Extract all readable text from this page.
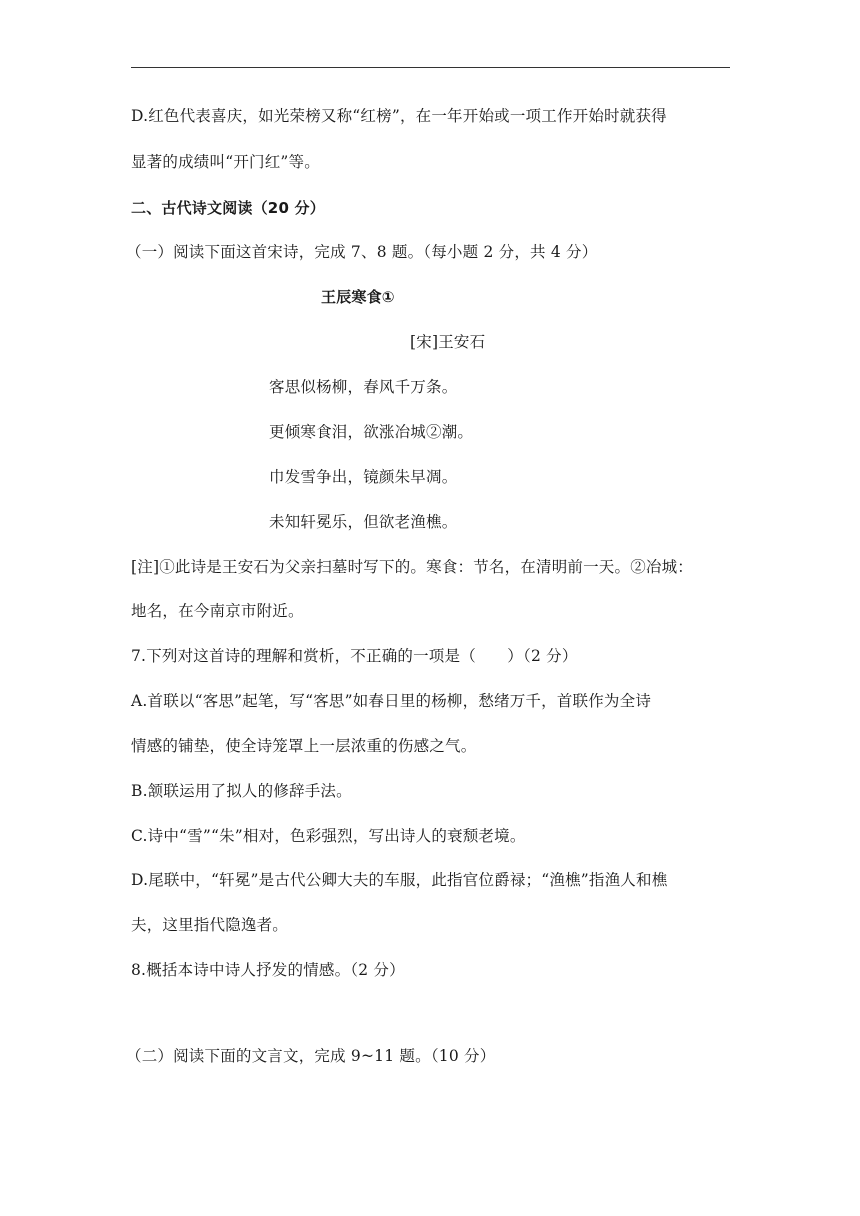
D.红色代表喜庆，如光荣榜又称“红榜”，在一年开始或一项工作开始时就获得
显著的成绩叫“开门红”等。
二、古代诗文阅读（20 分）
（一）阅读下面这首宋诗，完成 7、8 题。（每小题 2 分，共 4 分）
王辰寒食①
[宋]王安石
客思似杨柳，春风千万条。
更倾寒食泪，欲涨冶城②潮。
巾发雪争出，镜颜朱早凋。
未知轩冕乐，但欲老渔樵。
[注]①此诗是王安石为父亲扫墓时写下的。寒食：节名，在清明前一天。②冶城：
地名，在今南京市附近。
7.下列对这首诗的理解和赏析，不正确的一项是（　　）（2 分）
A.首联以“客思”起笔，写“客思”如春日里的杨柳，愁绪万千，首联作为全诗
情感的铺垫，使全诗笼罩上一层浓重的伤感之气。
B.颔联运用了拟人的修辞手法。
C.诗中“雪”“朱”相对，色彩强烈，写出诗人的衰颓老境。
D.尾联中，“轩冕”是古代公卿大夫的车服，此指官位爵禄；“渔樵”指渔人和樵
夫，这里指代隐逸者。
8.概括本诗中诗人抒发的情感。（2 分）
（二）阅读下面的文言文，完成 9~11 题。（10 分）
